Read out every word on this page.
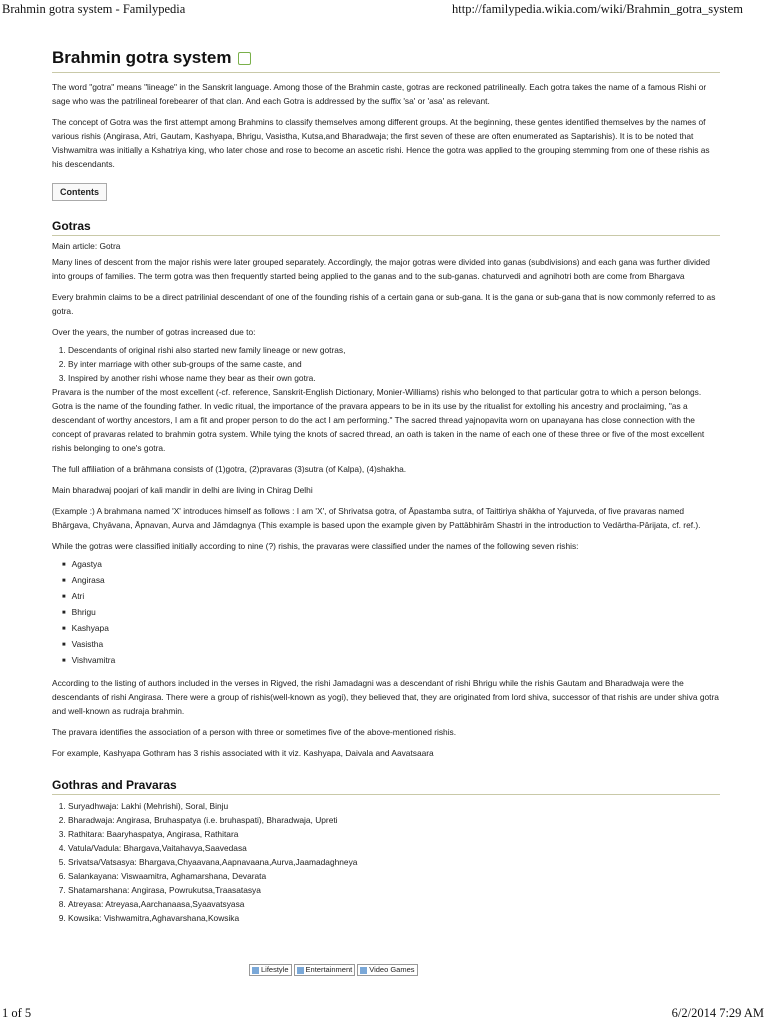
Brahmin gotra system - Familypedia	http://familypedia.wikia.com/wiki/Brahmin_gotra_system
Brahmin gotra system

The word "gotra" means "lineage" in the Sanskrit language. Among those of the Brahmin caste, gotras are reckoned patrilineally. Each gotra takes the name of a famous Rishi or sage who was the patrilineal forebearer of that clan. And each Gotra is addressed by the suffix 'sa' or 'asa' as relevant.

The concept of Gotra was the first attempt among Brahmins to classify themselves among different groups. At the beginning, these gentes identified themselves by the names of various rishis (Angirasa, Atri, Gautam, Kashyapa, Bhrigu, Vasistha, Kutsa,and Bharadwaja; the first seven of these are often enumerated as Saptarishis). It is to be noted that Vishwamitra was initially a Kshatriya king, who later chose and rose to become an ascetic rishi. Hence the gotra was applied to the grouping stemming from one of these rishis as his descendants.

Contents
Gotras
Main article: Gotra

Many lines of descent from the major rishis were later grouped separately. Accordingly, the major gotras were divided into ganas (subdivisions) and each gana was further divided into groups of families. The term gotra was then frequently started being applied to the ganas and to the sub-ganas. chaturvedi and agnihotri both are come from Bhargava

Every brahmin claims to be a direct patrilinial descendant of one of the founding rishis of a certain gana or sub-gana. It is the gana or sub-gana that is now commonly referred to as gotra.

Over the years, the number of gotras increased due to:

1. Descendants of original rishi also started new family lineage or new gotras,
2. By inter marriage with other sub-groups of the same caste, and
3. Inspired by another rishi whose name they bear as their own gotra.

Pravara is the number of the most excellent (-cf. reference, Sanskrit-English Dictionary, Monier-Williams) rishis who belonged to that particular gotra to which a person belongs. Gotra is the name of the founding father. In vedic ritual, the importance of the pravara appears to be in its use by the ritualist for extolling his ancestry and proclaiming, "as a descendant of worthy ancestors, I am a fit and proper person to do the act I am performing." The sacred thread yajnopavita worn on upanayana has close connection with the concept of pravaras related to brahmin gotra system. While tying the knots of sacred thread, an oath is taken in the name of each one of these three or five of the most excellent rishis belonging to one's gotra.

The full affiliation of a brāhmana consists of (1)gotra, (2)pravaras (3)sutra (of Kalpa), (4)shakha.

Main bharadwaj poojari of kali mandir in delhi are living in Chirag Delhi

(Example :) A brahmana named 'X' introduces himself as follows : I am 'X', of Shrivatsa gotra, of Āpastamba sutra, of Taittiriya shākha of Yajurveda, of five pravaras named Bhārgava, Chyāvana, Āpnavan, Aurva and Jāmdagnya (This example is based upon the example given by Pattābhirām Shastri in the introduction to Vedārtha-Pārijata, cf. ref.).

While the gotras were classified initially according to nine (?) rishis, the pravaras were classified under the names of the following seven rishis:

■ Agastya
■ Angirasa
■ Atri
■ Bhrigu
■ Kashyapa
■ Vasistha
■ Vishvamitra

According to the listing of authors included in the verses in Rigved, the rishi Jamadagni was a descendant of rishi Bhrigu while the rishis Gautam and Bharadwaja were the descendants of rishi Angirasa. There were a group of rishis(well-known as yogi), they believed that, they are originated from lord shiva, successor of that rishis are under shiva gotra and well-known as rudraja brahmin.

The pravara identifies the association of a person with three or sometimes five of the above-mentioned rishis.

For example, Kashyapa Gothram has 3 rishis associated with it viz. Kashyapa, Daivala and Aavatsaara

Gothras and Pravaras
1. Suryadhwaja: Lakhi (Mehrishi), Soral, Binju
2. Bharadwaja: Angirasa, Bruhaspatya (i.e. bruhaspati), Bharadwaja, Upreti
3. Rathitara: Baaryhaspatya, Angirasa, Rathitara
4. Vatula/Vadula: Bhargava,Vaitahavya,Saavedasa
5. Srivatsa/Vatsasya: Bhargava,Chyaavana,Aapnavaana,Aurva,Jaamadaghneya
6. Salankayana: Viswaamitra, Aghamarshana, Devarata
7. Shatamarshana: Angirasa, Powrukutsa,Traasatasya
8. Atreyasa: Atreyasa,Aarchanaasa,Syaavatsyasa
9. Kowsika: Vishwamitra,Aghavarshana,Kowsika
Lifestyle Entertainment Video Games
1 of 5	6/2/2014 7:29 AM
